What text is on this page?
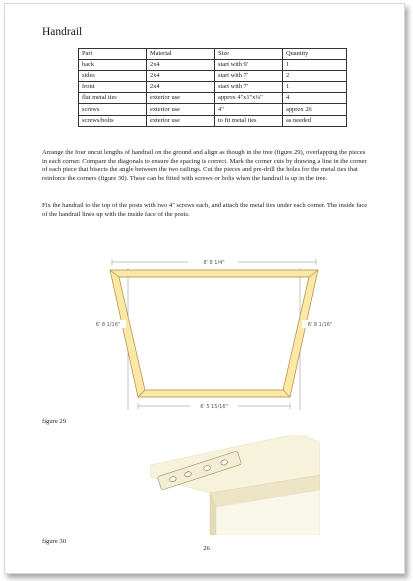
Handrail
Part	Material	Size	Quantity
back	2x4	start with 9'	1
sides	2x4	start with 7'	2
front	2x4	start with 7'	1
flat metal ties	exterior use	approx 4"x1"x¼"	4
screws	exterior use	4"	approx 26
screws/bolts	exterior use	to fit metal ties	as needed

Arrange the four uncut lengths of handrail on the ground and align as though in the tree (figure 29), overlapping the pieces in each corner. Compare the diagonals to ensure the spacing is correct. Mark the corner cuts by drawing a line in the corner of each piece that bisects the angle between the two railings. Cut the pieces and pre-drill the holes for the metal ties that reinforce the corners (figure 30). These can be fitted with screws or bolts when the handrail is up in the tree.

Fix the handrail to the top of the posts with two 4" screws each, and attach the metal ties under each corner. The inside face of the handrail lines up with the inside face of the posts.

8' 8 1/4"
6' 8 1/16"	6' 8 1/16"
6' 5 15/16"
figure 29
figure 30
26
